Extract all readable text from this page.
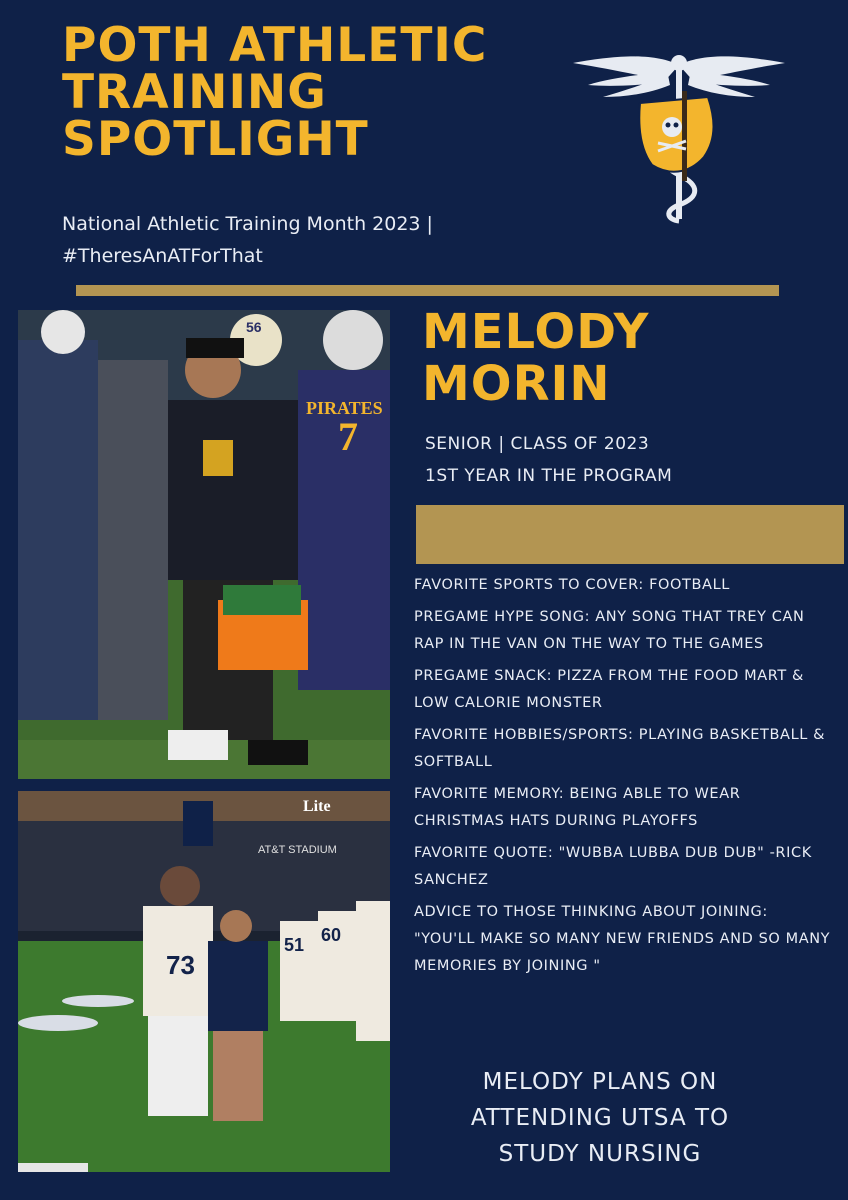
POTH ATHLETIC
TRAINING
SPOTLIGHT
National Athletic Training Month 2023 |
#TheresAnATForThat
PIRATES
7
56
Lite
AT&T STADIUM
73
51 60
MELODY
MORIN
SENIOR | CLASS OF 2023
1ST YEAR IN THE PROGRAM
FAVORITE SPORTS TO COVER: FOOTBALL
PREGAME HYPE SONG: ANY SONG THAT TREY CAN RAP IN THE VAN ON THE WAY TO THE GAMES
PREGAME SNACK: PIZZA FROM THE FOOD MART & LOW CALORIE MONSTER
FAVORITE HOBBIES/SPORTS: PLAYING BASKETBALL & SOFTBALL
FAVORITE MEMORY: BEING ABLE TO WEAR CHRISTMAS HATS DURING PLAYOFFS
FAVORITE QUOTE: "WUBBA LUBBA DUB DUB" -RICK SANCHEZ
ADVICE TO THOSE THINKING ABOUT JOINING: "YOU'LL MAKE SO MANY NEW FRIENDS AND SO MANY MEMORIES BY JOINING "
MELODY PLANS ON
ATTENDING UTSA TO
STUDY NURSING
